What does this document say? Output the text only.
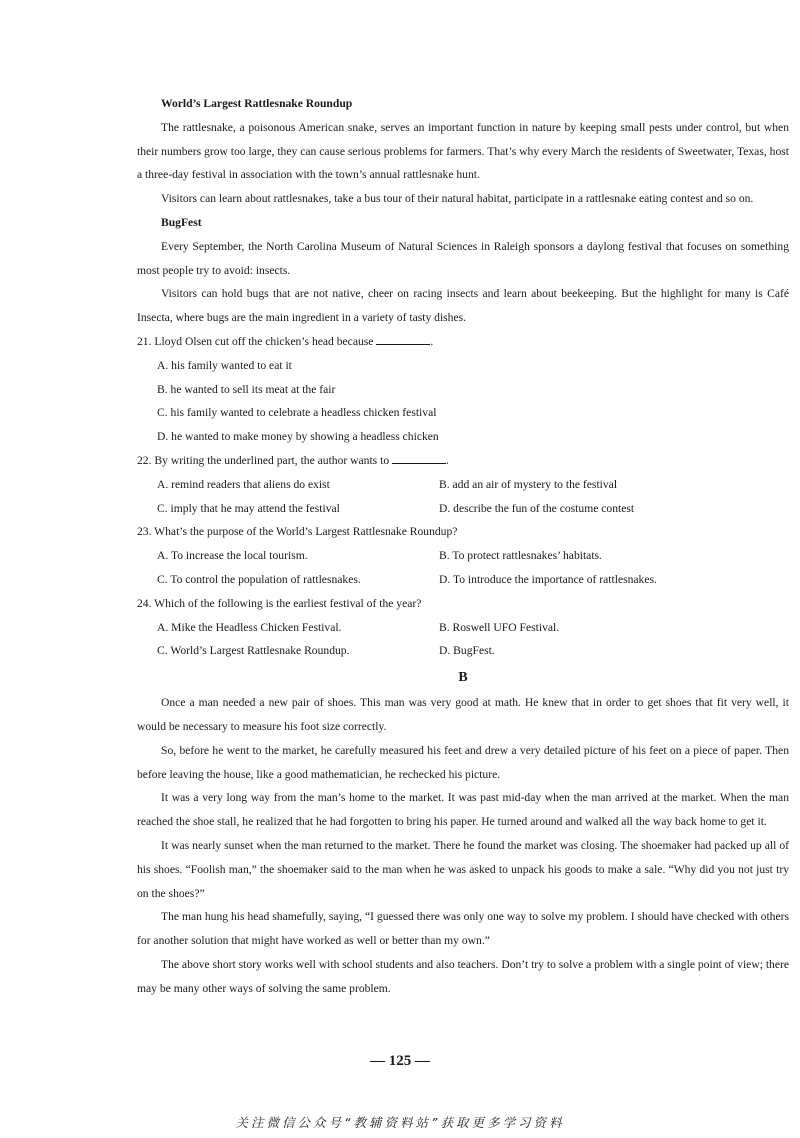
World’s Largest Rattlesnake Roundup

The rattlesnake, a poisonous American snake, serves an important function in nature by keeping small pests under control, but when their numbers grow too large, they can cause serious problems for farmers. That’s why every March the residents of Sweetwater, Texas, host a three-day festival in association with the town’s annual rattlesnake hunt.

Visitors can learn about rattlesnakes, take a bus tour of their natural habitat, participate in a rattlesnake eating contest and so on.

BugFest

Every September, the North Carolina Museum of Natural Sciences in Raleigh sponsors a daylong festival that focuses on something most people try to avoid: insects.

Visitors can hold bugs that are not native, cheer on racing insects and learn about beekeeping. But the highlight for many is Café Insecta, where bugs are the main ingredient in a variety of tasty dishes.

21. Lloyd Olsen cut off the chicken’s head because	.

A. his family wanted to eat it
B. he wanted to sell its meat at the fair
C. his family wanted to celebrate a headless chicken festival
D. he wanted to make money by showing a headless chicken

22. By writing the underlined part, the author wants to	.

A. remind readers that aliens do exist	B. add an air of mystery to the festival
C. imply that he may attend the festival	D. describe the fun of the costume contest

23. What’s the purpose of the World’s Largest Rattlesnake Roundup?

A. To increase the local tourism.	B. To protect rattlesnakes’ habitats.
C. To control the population of rattlesnakes.	D. To introduce the importance of rattlesnakes.

24. Which of the following is the earliest festival of the year?

A. Mike the Headless Chicken Festival.	B. Roswell UFO Festival.
C. World’s Largest Rattlesnake Roundup.	D. BugFest.
B

Once a man needed a new pair of shoes. This man was very good at math. He knew that in order to get shoes that fit very well, it would be necessary to measure his foot size correctly.

So, before he went to the market, he carefully measured his feet and drew a very detailed picture of his feet on a piece of paper. Then before leaving the house, like a good mathematician, he rechecked his picture.

It was a very long way from the man’s home to the market. It was past mid-day when the man arrived at the market. When the man reached the shoe stall, he realized that he had forgotten to bring his paper. He turned around and walked all the way back home to get it.

It was nearly sunset when the man returned to the market. There he found the market was closing. The shoemaker had packed up all of his shoes. “Foolish man,” the shoemaker said to the man when he was asked to unpack his goods to make a sale. “Why did you not just try on the shoes?”

The man hung his head shamefully, saying, “I guessed there was only one way to solve my problem. I should have checked with others for another solution that might have worked as well or better than my own.”

The above short story works well with school students and also teachers. Don’t try to solve a problem with a single point of view; there may be many other ways of solving the same problem.

— 125 —
关注微信公众号“教辅资料站”获取更多学习资料
